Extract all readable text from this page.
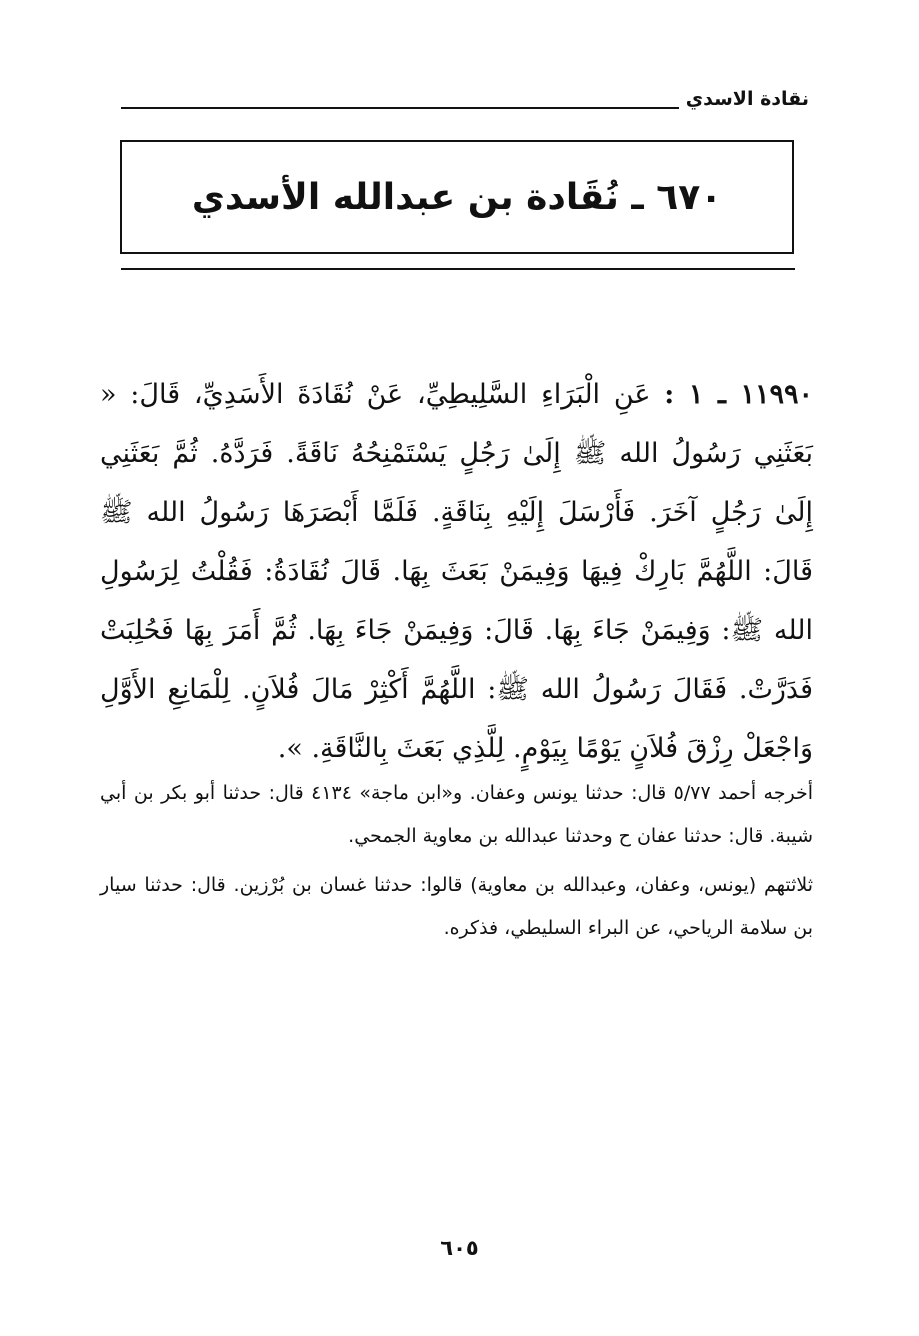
نقادة الاسدي
٦٧٠ ـ نُقَادة بن عبدالله الأسدي

١١٩٩٠ ـ ١ : عَنِ الْبَرَاءِ السَّلِيطِيِّ، عَنْ نُقَادَةَ الأَسَدِيِّ، قَالَ: « بَعَثَنِي رَسُولُ الله ﷺ إِلَىٰ رَجُلٍ يَسْتَمْنِحُهُ نَاقَةً. فَرَدَّهُ. ثُمَّ بَعَثَنِي إِلَىٰ رَجُلٍ آخَرَ. فَأَرْسَلَ إِلَيْهِ بِنَاقَةٍ. فَلَمَّا أَبْصَرَهَا رَسُولُ الله ﷺ قَالَ: اللَّهُمَّ بَارِكْ فِيهَا وَفِيمَنْ بَعَثَ بِهَا. قَالَ نُقَادَةُ: فَقُلْتُ لِرَسُولِ الله ﷺ: وَفِيمَنْ جَاءَ بِهَا. قَالَ: وَفِيمَنْ جَاءَ بِهَا. ثُمَّ أَمَرَ بِهَا فَحُلِبَتْ فَدَرَّتْ. فَقَالَ رَسُولُ الله ﷺ: اللَّهُمَّ أَكْثِرْ مَالَ فُلاَنٍ. لِلْمَانِعِ الأَوَّلِ وَاجْعَلْ رِزْقَ فُلاَنٍ يَوْمًا بِيَوْمٍ. لِلَّذِي بَعَثَ بِالنَّاقَةِ. ».

أخرجه أحمد ٥/٧٧ قال: حدثنا يونس وعفان. و«ابن ماجة» ٤١٣٤ قال: حدثنا أبو بكر بن أبي شيبة. قال: حدثنا عفان ح وحدثنا عبدالله بن معاوية الجمحي.

ثلاثتهم (يونس، وعفان، وعبدالله بن معاوية) قالوا: حدثنا غسان بن بُرْزين. قال: حدثنا سيار بن سلامة الرياحي، عن البراء السليطي، فذكره.

٦٠٥
